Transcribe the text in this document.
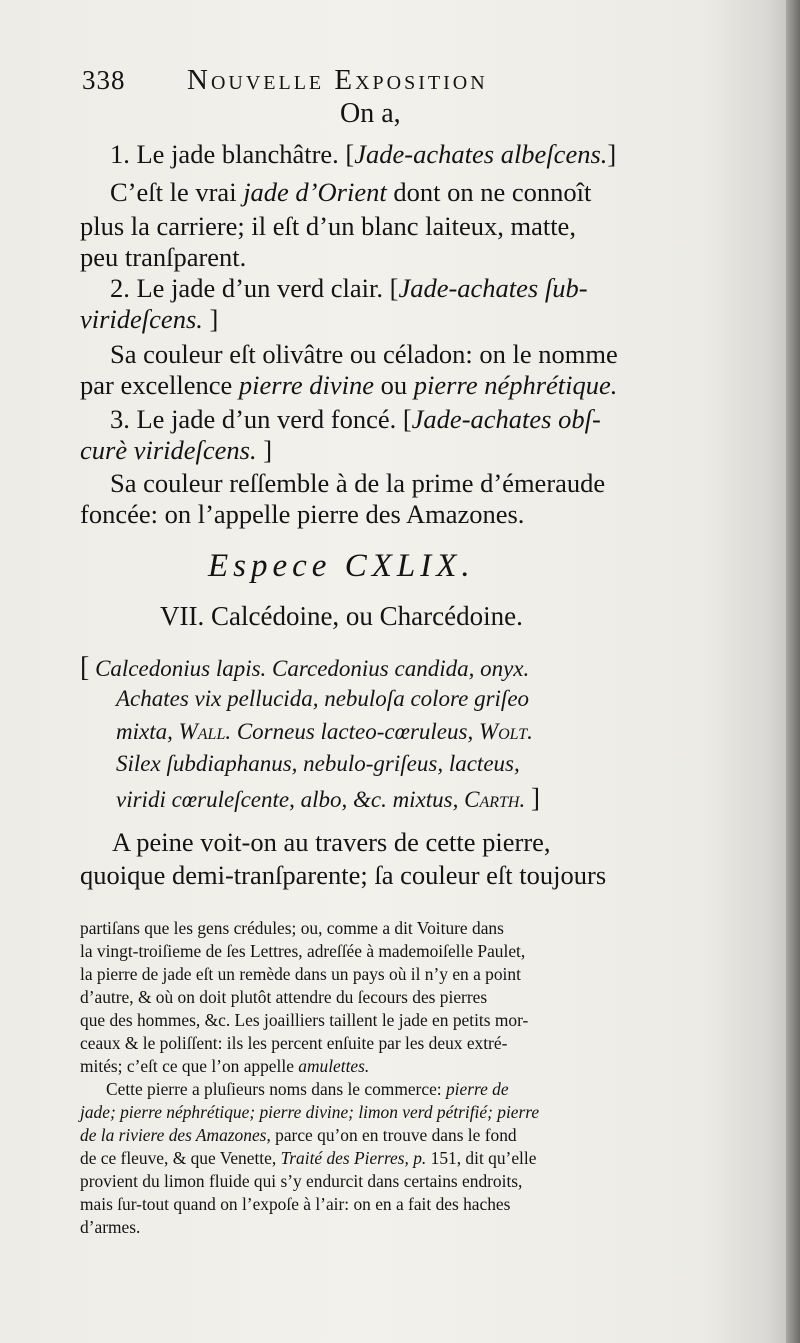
338 Nouvelle Exposition
On a,
1. Le jade blanchâtre. [Jade-achates albeſcens.]
C’eſt le vrai jade d’Orient dont on ne connoît
plus la carriere; il eſt d’un blanc laiteux, matte,
peu tranſparent.
2. Le jade d’un verd clair. [Jade-achates ſub-
virideſcens. ]
Sa couleur eſt olivâtre ou céladon: on le nomme
par excellence pierre divine ou pierre néphrétique.
3. Le jade d’un verd foncé. [Jade-achates obſ-
curè virideſcens. ]
Sa couleur reſſemble à de la prime d’émeraude
foncée: on l’appelle pierre des Amazones.
Espece CXLIX.
VII. Calcédoine, ou Charcédoine.
[ Calcedonius lapis. Carcedonius candida, onyx.
Achates vix pellucida, nebuloſa colore griſeo
mixta, Wall. Corneus lacteo-cœruleus, Wolt.
Silex ſubdiaphanus, nebulo-griſeus, lacteus,
viridi cœruleſcente, albo, &c. mixtus, Carth. ]
A peine voit-on au travers de cette pierre,
quoique demi-tranſparente; ſa couleur eſt toujours
partiſans que les gens crédules; ou, comme a dit Voiture dans
la vingt-troiſieme de ſes Lettres, adreſſée à mademoiſelle Paulet,
la pierre de jade eſt un remède dans un pays où il n’y en a point
d’autre, & où on doit plutôt attendre du ſecours des pierres
que des hommes, &c. Les joailliers taillent le jade en petits mor-
ceaux & le poliſſent: ils les percent enſuite par les deux extré-
mités; c’eſt ce que l’on appelle amulettes.
Cette pierre a pluſieurs noms dans le commerce: pierre de
jade; pierre néphrétique; pierre divine; limon verd pétrifié; pierre
de la riviere des Amazones, parce qu’on en trouve dans le fond
de ce fleuve, & que Venette, Traité des Pierres, p. 151, dit qu’elle
provient du limon fluide qui s’y endurcit dans certains endroits,
mais ſur-tout quand on l’expoſe à l’air: on en a fait des haches
d’armes.
